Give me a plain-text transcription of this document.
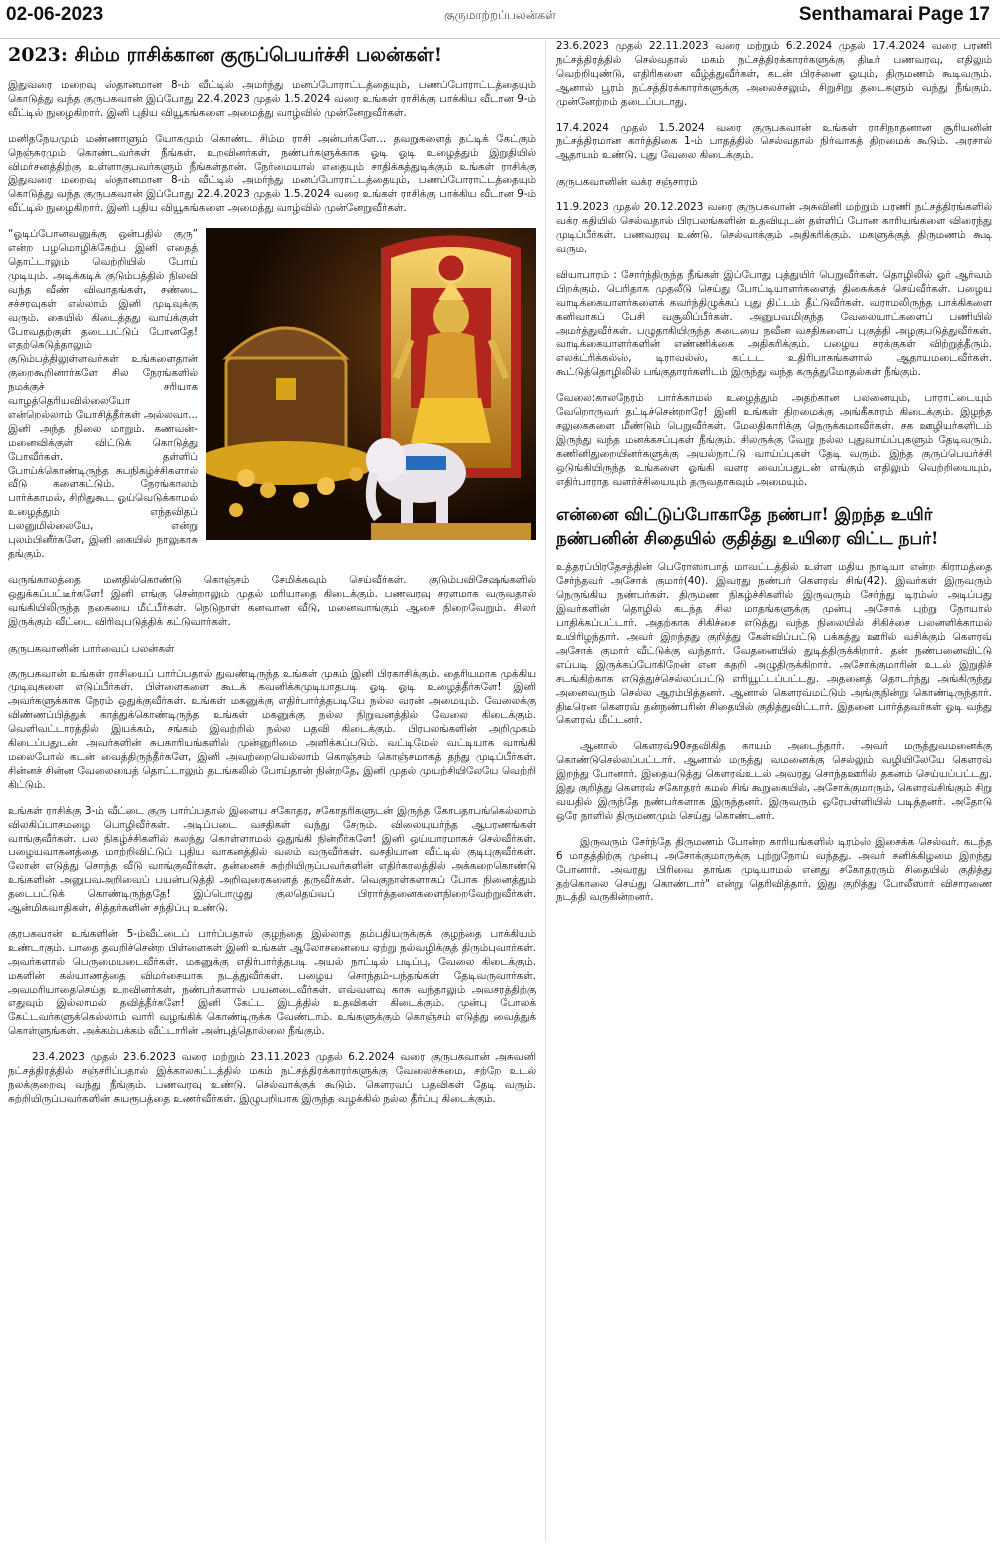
02-06-2023	குருமாற்றப்பலன்கள்	Senthamarai Page 17
2023: சிம்ம ராசிக்கான குருப்பெயர்ச்சி பலன்கள்!

இதுவரை மறைவு ஸ்தானமான 8-ம் வீட்டில் அமர்ந்து மனப்போராட்டத்தையும், பணப்போராட்டத்தையும் கொடுத்து வந்த குருபகவான் இப்போது 22.4.2023 முதல் 1.5.2024 வரை உங்கள் ராசிக்கு பாக்கிய வீடான 9-ம் வீட்டில் நுழைகிறார். இனி புதிய வியூகங்களை அமைத்து வாழ்வில் முன்னேறுவீர்கள்.

மனிதநேயமும் மண்ணாளும் யோகமும் கொண்ட சிம்ம ராசி அன்பர்களே... தவறுகளைத் தட்டிக் கேட்கும் நெஞ்சுரமும் கொண்டவர்கள் நீங்கள். உறவினர்கள், நண்பர்களுக்காக ஓடி ஓடி உழைத்தும் இறுதியில் விமர்சனத்திற்கு உள்ளாகுபவர்களும் நீங்கள்தான். நேர்மையால் எதையும் சாதிக்கத்துடிக்கும் உங்கள் ராசிக்கு இதுவரை மறைவு ஸ்தானமான 8-ம் வீட்டில் அமர்ந்து மனப்போராட்டத்தையும், பணப்போராட்டத்தையும் கொடுத்து வந்த குருபகவான் இப்போது 22.4.2023 முதல் 1.5.2024 வரை உங்கள் ராசிக்கு பாக்கிய வீடான 9-ம் வீட்டில் நுழைகிறார். இனி புதிய வியூகங்களை அமைத்து வாழ்வில் முன்னேறுவீர்கள்.

“ஓடிப்போனவனுக்கு ஒன்பதில் குரு” என்ற பழமொழிக்கேற்ப இனி எதைத் தொட்டாலும் வெற்றியில் போய் முடியும். அடிக்கடிக் குடும்பத்தில் நிலவி வந்த வீண் விவாதங்கள், சண்டை சச்சரவுகள் எல்லாம் இனி முடிவுக்கு வரும். கையில் கிடைத்தது வாய்க்குள் போவதற்குள் தடைபட்டுப் போனதே! எதற்கெடுத்தாலும் குடும்பத்திலுள்ளவர்கள் உங்களைதான் குறைகூறினார்களே சில நேரங்களில் நமக்குச் சரியாக வாழத்தெரியவில்லையோ என்றெல்லாம் யோசித்தீர்கள் அல்லவா... இனி அந்த நிலை மாறும். கணவன்-மனைவிக்குள் விட்டுக் கொடுத்து போவீர்கள். தள்ளிப் போய்க்கொண்டிருந்த சுபநிகழ்ச்சிகளால் வீடு களைகட்டும். நேரங்காலம் பார்க்காமல், சிறிதுகூட ஓய்வெடுக்காமல் உழைத்தும் எந்தவிதப் பலனுமில்லையே, என்று புலம்பினீர்களே, இனி கையில் நாலுகாசு தங்கும்.

வருங்காலத்தை மனதில்கொண்டு கொஞ்சம் சேமிக்கவும் செய்வீர்கள். குடும்பவிசேஷங்களில் ஒதுக்கப்பட்டீர்களே! இனி எங்கு சென்றாலும் முதல் மரியாதை கிடைக்கும். பணவரவு சரளமாக வருவதால் வங்கியிலிருந்த நகையை மீட்பீர்கள். நெடுநாள் கனவான வீடு, மனைவாங்கும் ஆசை நிறைவேறும். சிலர் இருக்கும் வீட்டை விரிவுபடுத்திக் கட்டுவார்கள்.

குருபகவானின் பார்வைப் பலன்கள்

குருபகவான் உங்கள் ராசியைப் பார்ப்பதால் துவண்டிருந்த உங்கள் முகம் இனி பிரகாசிக்கும். தைரியமாக முக்கிய முடிவுகளை எடுப்பீர்கள். பிள்ளைகளை கூடக் கவனிக்கமுடியாதபடி ஓடி ஓடி உழைத்தீர்களே! இனி அவர்களுக்காக நேரம் ஒதுக்குவீர்கள். உங்கள் மகனுக்கு எதிர்பார்த்தபடியே நல்ல வரன் அமையும். வேலைக்கு விண்ணப்பித்துக் காத்துக்கொண்டிருந்த உங்கள் மகனுக்கு நல்ல நிறுவனத்தில் வேலை கிடைக்கும். வெளிவட்டாரத்தில் இயக்கம், சங்கம் இவற்றில் நல்ல பதவி கிடைக்கும். பிரபலங்களின் அறிமுகம் கிடைப்பதுடன் அவர்களின் சுபகாரியங்களில் முன்னுரிமை அளிக்கப்படும். வட்டிமேல் வட்டியாக வாங்கி மலைபோல் கடன் வைத்திருந்தீர்களே, இனி அவற்றையெல்லாம் கொஞ்சம் கொஞ்சமாகத் தந்து முடிப்பீர்கள். சின்னச் சின்ன வேலையைத் தொட்டாலும் தடங்கலில் போய்தான் நின்றதே, இனி முதல் முயற்சியிலேயே வெற்றி கிட்டும்.

உங்கள் ராசிக்கு 3-ம் வீட்டை குரு பார்ப்பதால் இளைய சகோதர, சகோதரிகளுடன் இருந்த கோபதாபங்கெல்லாம் விலகிப்பாசமழை பொழிவீர்கள். அடிப்படை வசதிகள் வந்து சேரும். விலையுயர்ந்த ஆபரணங்கள் வாங்குவீர்கள். பல நிகழ்ச்சிகளில் கலந்து கொள்ளாமல் ஒதுங்கி நின்றீர்களே! இனி ஒய்யாரமாகச் செல்வீர்கள். பழையவாகனத்தை மாற்றிவிட்டுப் புதிய வாகனத்தில் வலம் வருவீர்கள். வசதியான வீட்டில் குடிபுகுவீர்கள். லோன் எடுத்து சொந்த வீடு வாங்குவீர்கள். தன்னைச் சுற்றியிருப்பவர்களின் எதிர்காலத்தில் அக்கறைகொண்டு உங்களின் அனுபவஅறிவைப் பயன்படுத்தி அறிவுரைகளைத் தருவீர்கள். வெகுநாள்களாகப் போக நினைத்தும் தடைபட்டுக் கொண்டிருந்ததே! இப்பொழுது குலதெய்வப் பிரார்த்தனைகளைநிறைவேற்றுவீர்கள். ஆன்மிகவாதிகள், சித்தர்களின் சந்திப்பு உண்டு.

குரபகவான் உங்களின் 5-ம்வீட்டைப் பார்ப்பதால் குழந்தை இல்லாத தம்பதியருக்குக் குழந்தை பாக்கியம் உண்டாகும். பாதை தவறிச்சென்ற பிள்ளைகள் இனி உங்கள் ஆலோசனையை ஏற்று நல்வழிக்குத் திரும்புவார்கள். அவர்களால் பெருமையடைவீர்கள். மகனுக்கு எதிர்பார்த்தபடி அயல் நாட்டில் படிப்பு, வேலை கிடைக்கும். மகளின் கல்யாணத்தை விமர்சையாக நடத்துவீர்கள். பழைய சொந்தம்-பந்தங்கள் தேடிவருவார்கள். அவமரியாதைசெய்த உறவினர்கள், நண்பர்களால் பயனடைவீர்கள். எவ்வளவு காசு வந்தாலும் அவசரத்திற்கு எதுவும் இல்லாமல் தவித்தீர்களே! இனி கேட்ட இடத்தில் உதவிகள் கிடைக்கும். முன்பு போலக் கேட்டவர்களுக்கெல்லாம் வாரி வழங்கிக் கொண்டிருக்க வேண்டாம். உங்களுக்கும் கொஞ்சம் எடுத்து வைத்துக் கொள்ளுங்கள். அக்கம்பக்கம் வீட்டாரின் அன்புத்தொல்லை நீங்கும்.

23.4.2023 முதல் 23.6.2023 வரை மற்றும் 23.11.2023 முதல் 6.2.2024 வரை குருபகவான் அசுவனி நட்சத்திரத்தில் சஞ்சரிப்பதால் இக்காலகட்டத்தில் மகம் நட்சத்திரக்காரர்களுக்கு வேலைச்சுமை, சற்றே உடல் நலக்குறைவு வந்து நீங்கும். பணவரவு உண்டு. செல்வாக்குக் கூடும். கௌரவப் பதவிகள் தேடி வரும். சுற்றியிருப்பவர்களின் சுயரூபத்தை உணர்வீர்கள். இழுபறியாக இருந்த வழக்கில் நல்ல தீர்ப்பு கிடைக்கும்.

23.6.2023 முதல் 22.11.2023 வரை மற்றும் 6.2.2024 முதல் 17.4.2024 வரை பரணி நட்சத்திரத்தில் செல்வதால் மகம் நட்சத்திரக்காரர்களுக்கு திடீர் பணவரவு, எதிலும் வெற்றியுண்டு, எதிரிகளை வீழ்த்துவீர்கள், கடன் பிரச்னை ஓயும், திருமணம் கூடிவரும். ஆனால் பூரம் நட்சத்திரக்காரர்களுக்கு அலைச்சலும், சிறுசிறு தடைகளும் வந்து நீங்கும். முன்னேற்றம் தடைப்படாது.

17.4.2024 முதல் 1.5.2024 வரை குருபகவான் உங்கள் ராசிநாதனான சூரியனின் நட்சத்திரமான கார்த்திகை 1-ம் பாதத்தில் செல்வதால் நிர்வாகத் திறமைக் கூடும். அரசால் ஆதாயம் உண்டு. புது வேலை கிடைக்கும்.

குருபகவானின் வக்ர சஞ்சாரம்

11.9.2023 முதல் 20.12.2023 வரை குருபகவான் அசுவினி மற்றும் பரணி நட்சத்திரங்களில் வக்ர கதியில் செல்வதால் பிரபலங்களின் உதவியுடன் தள்ளிப் போன காரியங்களை விரைந்து முடிப்பீர்கள். பணவரவு உண்டு. செல்வாக்கும் அதிகரிக்கும். மகளுக்குத் திருமணம் கூடி வரும.

வியாபாரம் : சோர்ந்திருந்த நீங்கள் இப்போது புத்துயிர் பெறுவீர்கள். தொழிலில் ஓர் ஆர்வம் பிறக்கும். பெரிதாக முதலீடு செய்து போட்டியாளர்களைத் திகைக்கச் செய்வீர்கள். பழைய வாடிக்கையாளர்களைக் கவர்ந்திழுக்கப் புது திட்டம் தீட்டுவீர்கள். வராமலிருந்த பாக்கிகளை கனிவாகப் பேசி வசூலிப்பீர்கள். அனுபவமிகுந்த வேலையாட்களைப் பணியில் அமர்த்துவீர்கள். பழுதாகியிருந்த கடையை நவீன வசதிகளைப் புகுத்தி அழகுபடுத்துவீர்கள். வாடிக்கையாளர்களின் எண்ணிக்கை அதிகரிக்கும். பழைய சரக்குகள் விற்றுத்தீரும். எலக்ட்ரிக்கல்ஸ், டிராவல்ஸ், கட்டட உதிரிபாகங்களால் ஆதாயமடைவீர்கள். கூட்டுத்தொழிலில் பங்குதாரர்களிடம் இருந்து வந்த கருத்துமோதல்கள் நீங்கும்.

வேலை:காலநேரம் பார்க்காமல் உழைத்தும் அதற்கான பலனையும், பாராட்டையும் வேறொருவர் தட்டிச்சென்றாரே! இனி உங்கள் திறமைக்கு அங்கீகாரம் கிடைக்கும். இழந்த சலுகைகளை மீண்டும் பெறுவீர்கள். மேலதிகாரிக்கு நெருக்கமாவீர்கள். சக ஊழியர்களிடம் இருந்து வந்த மனக்கசப்புகள் நீங்கும். சிலருக்கு வேறு நல்ல புதுவாய்ப்புகளும் தேடிவரும். கணினிதுறையினர்களுக்கு அயல்நாட்டு வாய்ப்புகள் தேடி வரும். இந்த குருப்பெயர்ச்சி ஒடுங்கியிருந்த உங்களை ஓங்கி வளர வைப்பதுடன் எங்கும் எதிலும் வெற்றியையும், எதிர்பாராத வளர்ச்சியையும் தருவதாகவும் அமையும்.

என்னை விட்டுப்போகாதே நண்பா! இறந்த உயிர் நண்பனின் சிதையில் குதித்து உயிரை விட்ட நபர்!

உத்தரப்பிரதேசத்தின் பெரோஸாபாத் மாவட்டத்தில் உள்ள மதிய நாடியா என்ற கிராமத்தை சேர்ந்தவர் அசோக் குமார்(40). இவரது நண்பர் கௌரவ் சிங்(42). இவர்கள் இருவரும் நெருங்கிய நண்பர்கள். திருமண நிகழ்ச்சிகளில் இருவரும் சேர்ந்து டிரம்ஸ் அடிப்பது இவர்களின் தொழில் கடந்த சில மாதங்களுக்கு முன்பு அசோக் புற்று நோயால் பாதிக்கப்பட்டார். அதற்காக சிகிச்சை எடுத்து வந்த நிலையில் சிகிச்சை பலனளிக்காமல் உயிரிழந்தார். அவர் இறந்தது குறித்து கேள்விப்பட்டு பக்கத்து ஊரில் வசிக்கும் கௌரவ் அசோக் குமார் வீட்டுக்கு வந்தார். வேதனையில் துடித்திருக்கிறார். தன் நண்பனைவிட்டு எப்படி இருக்கப்போகிறேன் என கதறி அழுதிருக்கிறார். அசோக்குமாரின் உடல் இறுதிச் சடங்கிற்காக எடுத்துச்செல்லப்பட்டு எரியூட்டப்பட்டது. அதனைத் தொடர்ந்து அங்கிருந்து அனைவரும் செல்ல ஆரம்பித்தனர். ஆனால் கௌரவ்மட்டும் அங்குநின்று கொண்டிருந்தார். திடீரென கௌரவ் தன்நண்பரின் சிதையில் குதித்துவிட்டார். இதனை பார்த்தவர்கள் ஓடி வந்து கௌரவ் மீட்டனர்.

ஆனால் கௌரவ்90சதவிகித காயம் அடைந்தார். அவர் மருத்துவமனைக்கு கொண்டுசெல்லப்பட்டார். ஆனால் மருத்து வமனைக்கு செல்லும் வழியிலேயே கௌரவ் இறந்து போனார். இதையடுத்து கௌரவ்உடல் அவரது சொந்தஊரில் தகனம் செய்யப்பட்டது. இது குறித்து கௌரவ் சகோதரர் கமல் சிங் கூறுகையில், அசோக்குமாரும், கௌரவ்சிங்கும் சிறு வயதில் இருந்தே நண்பர்களாக இருந்தனர். இருவரும் ஒரேபள்ளியில் படித்தனர். அதோடு ஒரே நாளில் திருமணமும் செய்து கொண்டனர்.

இருவரும் சேர்ந்தே திருமணம் போன்ற காரியங்களில் டிரம்ஸ் இசைக்க செல்வர். கடந்த 6 மாதத்திற்கு முன்பு அசோக்குமாருக்கு புற்றுநோய் வந்தது. அவர் சனிக்கிழமை இறந்து போனார். அவரது பிரிவை தாங்க முடியாமல் எனது சகோதரரும் சிதையில் குதித்து தற்கொலை செய்து கொண்டார்" என்று தெரிவித்தார். இது குறித்து போலீஸார் விசாரணை நடத்தி வருகின்றனர்.
